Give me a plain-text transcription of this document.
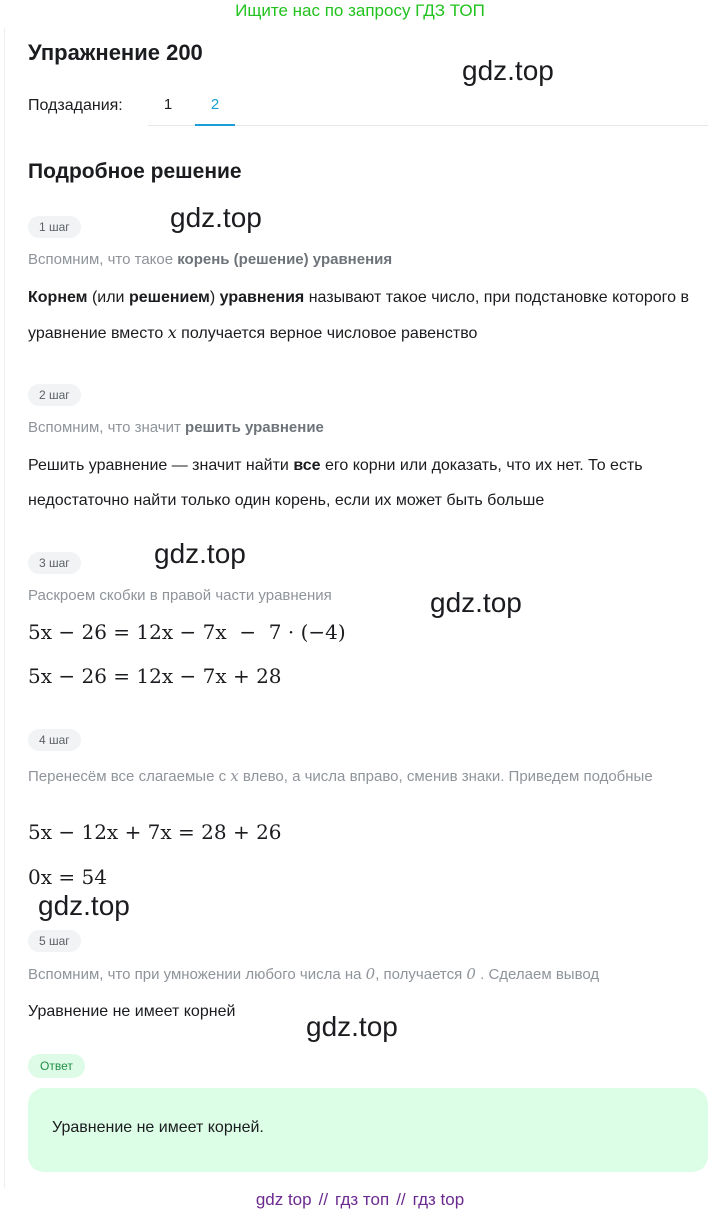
Ищите нас по запросу ГДЗ ТОП
Упражнение 200
Подзадания:	1	2
Подробное решение
1 шаг
Вспомним, что такое корень (решение) уравнения
Корнем (или решением) уравнения называют такое число, при подстановке которого в уравнение вместо x получается верное числовое равенство
2 шаг
Вспомним, что значит решить уравнение
Решить уравнение — значит найти все его корни или доказать, что их нет. То есть недостаточно найти только один корень, если их может быть больше
3 шаг
Раскроем скобки в правой части уравнения
5x − 26 = 12x − 7x  −  7 · (−4)
5x − 26 = 12x − 7x + 28
4 шаг
Перенесём все слагаемые с x влево, а числа вправо, сменив знаки. Приведем подобные
5x − 12x + 7x = 28 + 26
0x = 54
5 шаг
Вспомним, что при умножении любого числа на 0, получается 0 . Сделаем вывод
Уравнение не имеет корней
Ответ
Уравнение не имеет корней.
gdz.top
gdz.top
gdz.top
gdz.top
gdz.top
gdz.top
gdz top // гдз топ // гдз top
